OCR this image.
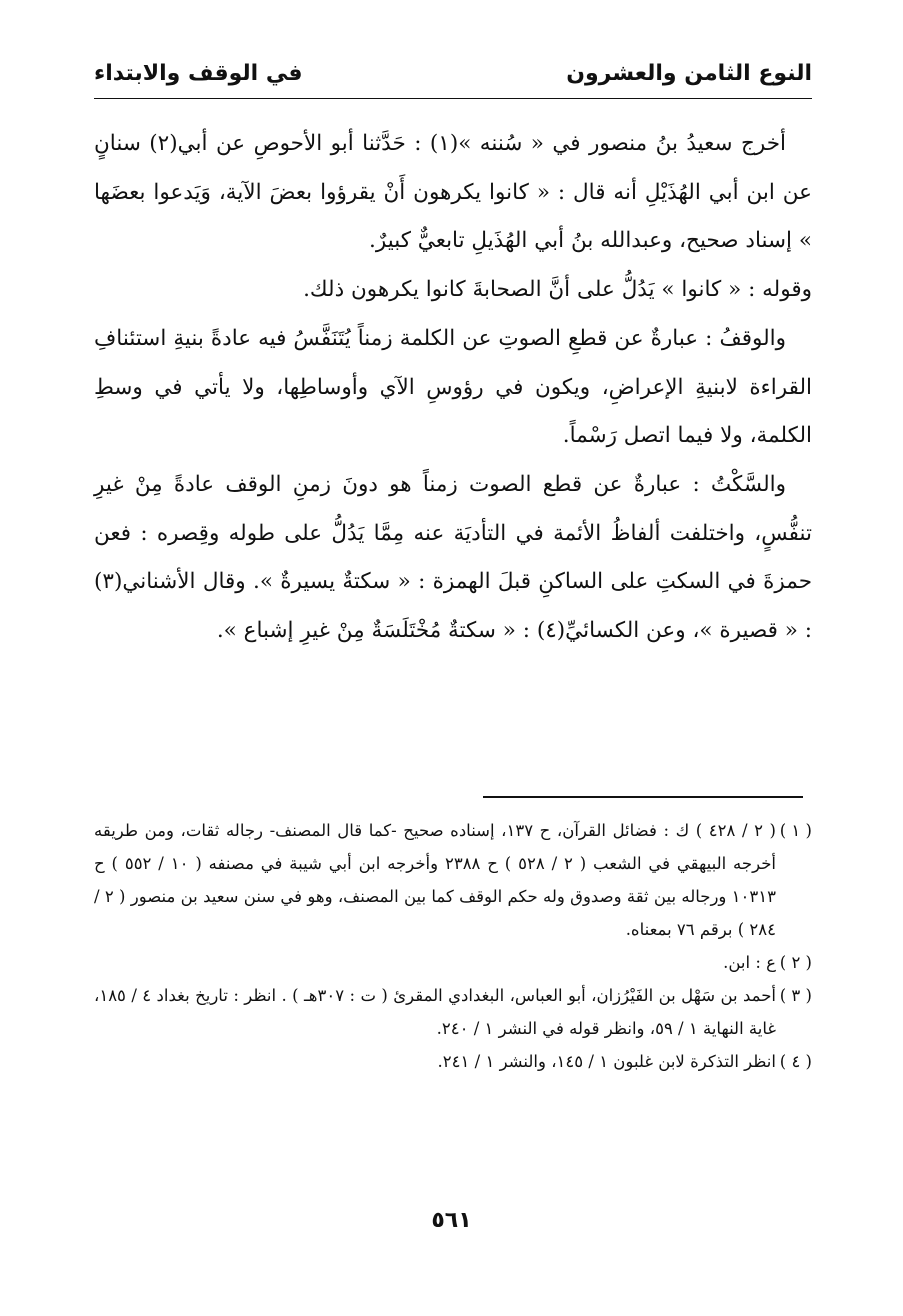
النوع الثامن والعشرون
في الوقف والابتداء

أخرج سعيدُ بنُ منصور في « سُننه »(١) : حَدَّثنا أبو الأحوصِ عن أبي(٢) سنانٍ عن ابن أبي الهُذَيْلِ أنه قال : « كانوا يكرهون أَنْ يقرؤوا بعضَ الآية، وَيَدعوا بعضَها » إسناد صحيح، وعبدالله بنُ أبي الهُذَيلِ تابعيٌّ كبيرٌ.

وقوله : « كانوا » يَدُلُّ على أنَّ الصحابةَ كانوا يكرهون ذلك.

والوقفُ : عبارةٌ عن قطعِ الصوتِ عن الكلمة زمناً يُتَنَفَّسُ فيه عادةً بنيةِ استئنافِ القراءة لابنيةِ الإعراضِ، ويكون في رؤوسِ الآي وأوساطِها، ولا يأتي في وسطِ الكلمة، ولا فيما اتصل رَسْماً.

والسَّكْتُ : عبارةٌ عن قطع الصوت زمناً هو دونَ زمنِ الوقف عادةً مِنْ غيرِ تنفُّسٍ، واختلفت ألفاظُ الأئمة في التأديَة عنه مِمَّا يَدُلُّ على طوله وقِصره : فعن حمزةَ في السكتِ على الساكنِ قبلَ الهمزة : « سكتةٌ يسيرةٌ ». وقال الأشناني(٣) : « قصيرة »، وعن الكسائيِّ(٤) : « سكتةٌ مُخْتَلَسَةٌ مِنْ غيرِ إشباع ».

( ١ )( ٢ / ٤٢٨ ) ك : فضائل القرآن، ح ١٣٧، إسناده صحيح -كما قال المصنف- رجاله ثقات، ومن طريقه أخرجه البيهقي في الشعب ( ٢ / ٥٢٨ ) ح ٢٣٨٨ وأخرجه ابن أبي شيبة في مصنفه ( ١٠ / ٥٥٢ ) ح ١٠٣١٣ ورجاله بين ثقة وصدوق وله حكم الوقف كما بين المصنف، وهو في سنن سعيد بن منصور ( ٢ / ٢٨٤ ) برقم ٧٦ بمعناه.

( ٢ )ع : ابن.

( ٣ )أحمد بن سَهْل بن الفَيْرُزان، أبو العباس، البغدادي المقرئ ( ت : ٣٠٧هـ ) . انظر : تاريخ بغداد ٤ / ١٨٥، غاية النهاية ١ / ٥٩، وانظر قوله في النشر ١ / ٢٤٠.

( ٤ )انظر التذكرة لابن غلبون ١ / ١٤٥، والنشر ١ / ٢٤١.

٥٦١
